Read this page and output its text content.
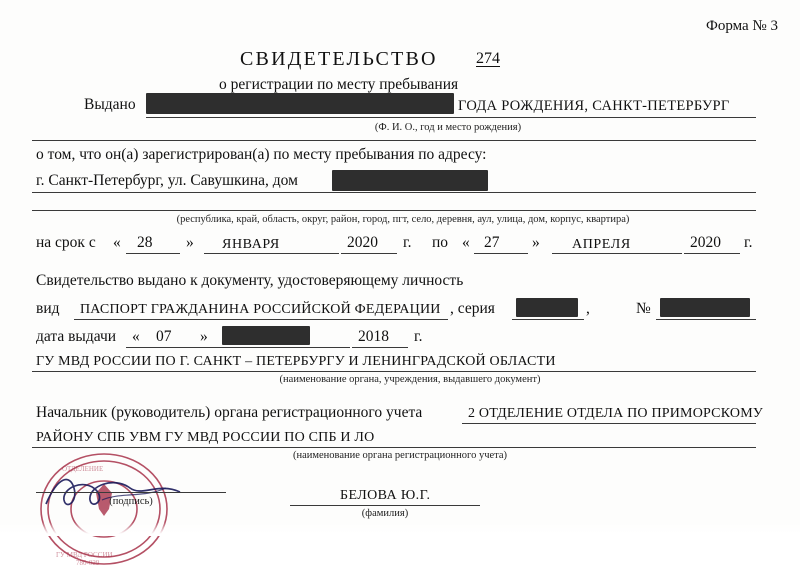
Форма № 3
СВИДЕТЕЛЬСТВО 274
о регистрации по месту пребывания
Выдано	ГОДА РОЖДЕНИЯ, САНКТ-ПЕТЕРБУРГ
(Ф. И. О., год и место рождения)
о том, что он(а) зарегистрирован(а) по месту пребывания по адресу:
г. Санкт-Петербург, ул. Савушкина, дом
(республика, край, область, округ, район, город, пгт, село, деревня, аул, улица, дом, корпус, квартира)
на срок с « 28 » ЯНВАРЯ	2020 г. по « 27 » АПРЕЛЯ	2020 г.
Свидетельство выдано к документу, удостоверяющему личность
вид ПАСПОРТ ГРАЖДАНИНА РОССИЙСКОЙ ФЕДЕРАЦИИ , серия	,	№
дата выдачи « 07 »	2018 г.
ГУ МВД РОССИИ ПО Г. САНКТ – ПЕТЕРБУРГУ И ЛЕНИНГРАДСКОЙ ОБЛАСТИ
(наименование органа, учреждения, выдавшего документ)
Начальник (руководитель) органа регистрационного учета	2 ОТДЕЛЕНИЕ ОТДЕЛА ПО ПРИМОРСКОМУ
РАЙОНУ СПБ УВМ ГУ МВД РОССИИ ПО СПБ И ЛО
(наименование органа регистрационного учета)
ОТДЕЛЕНИЕ
ГУ МВД РОССИИ
780-029
(подпись)	БЕЛОВА Ю.Г.
(фамилия)
